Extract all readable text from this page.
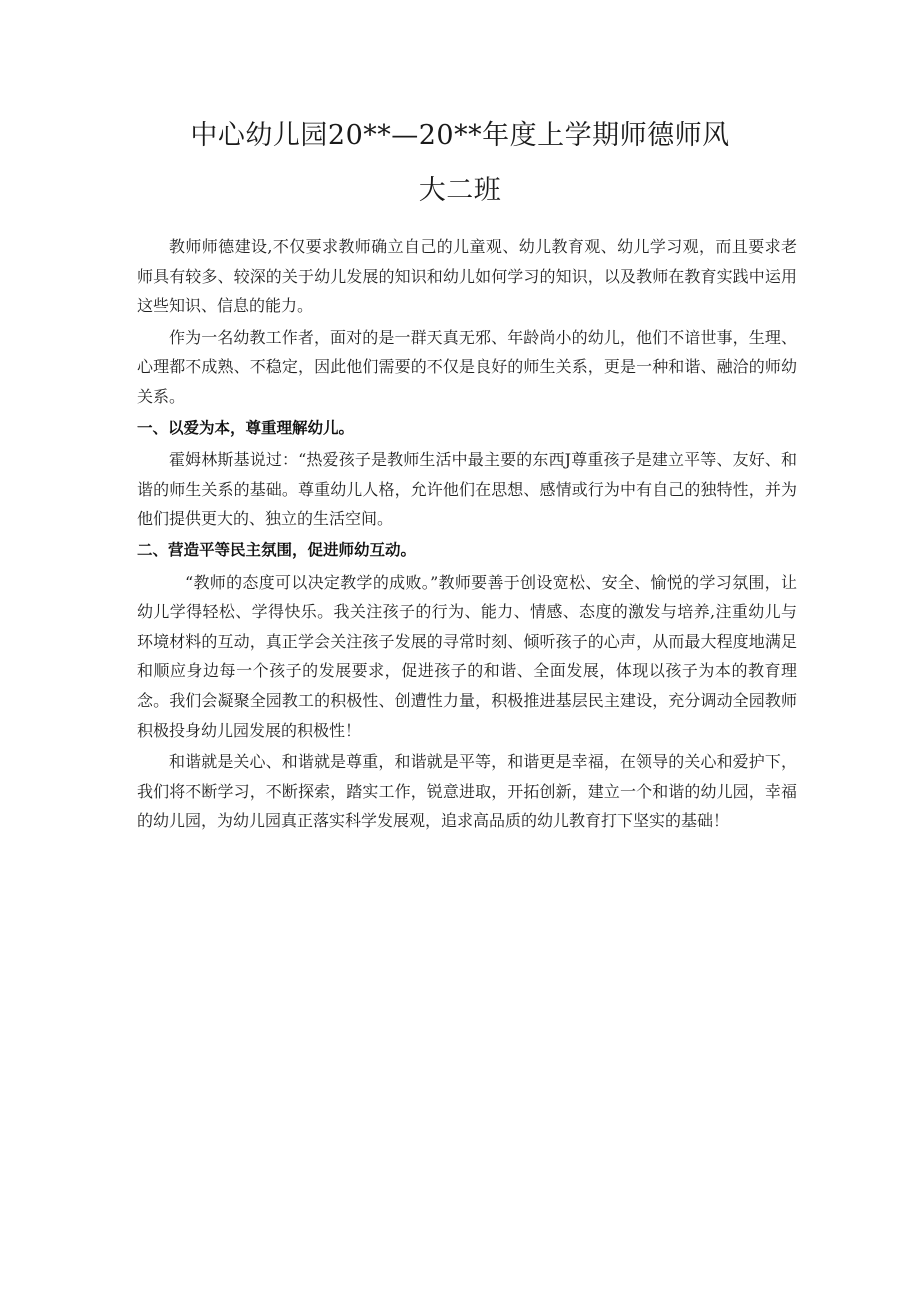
中心幼儿园20**—20**年度上学期师德师风
大二班

教师师德建设,不仅要求教师确立自己的儿童观、幼儿教育观、幼儿学习观，而且要求老师具有较多、较深的关于幼儿发展的知识和幼儿如何学习的知识，以及教师在教育实践中运用这些知识、信息的能力。

作为一名幼教工作者，面对的是一群天真无邪、年龄尚小的幼儿，他们不谙世事，生理、心理都不成熟、不稳定，因此他们需要的不仅是良好的师生关系，更是一种和谐、融洽的师幼关系。

一、以爱为本，尊重理解幼儿。

霍姆林斯基说过：“热爱孩子是教师生活中最主要的东西J尊重孩子是建立平等、友好、和谐的师生关系的基础。尊重幼儿人格，允许他们在思想、感情或行为中有自己的独特性，并为他们提供更大的、独立的生活空间。

二、营造平等民主氛围，促进师幼互动。

“教师的态度可以决定教学的成败。”教师要善于创设宽松、安全、愉悦的学习氛围，让幼儿学得轻松、学得快乐。我关注孩子的行为、能力、情感、态度的激发与培养,注重幼儿与环境材料的互动，真正学会关注孩子发展的寻常时刻、倾听孩子的心声，从而最大程度地满足和顺应身边每一个孩子的发展要求，促进孩子的和谐、全面发展，体现以孩子为本的教育理念。我们会凝聚全园教工的积极性、创遭性力量，积极推进基层民主建设，充分调动全园教师积极投身幼儿园发展的积极性！

和谐就是关心、和谐就是尊重，和谐就是平等，和谐更是幸福，在领导的关心和爱护下，我们将不断学习，不断探索，踏实工作，锐意进取，开拓创新，建立一个和谐的幼儿园，幸福的幼儿园，为幼儿园真正落实科学发展观，追求高品质的幼儿教育打下坚实的基础！
